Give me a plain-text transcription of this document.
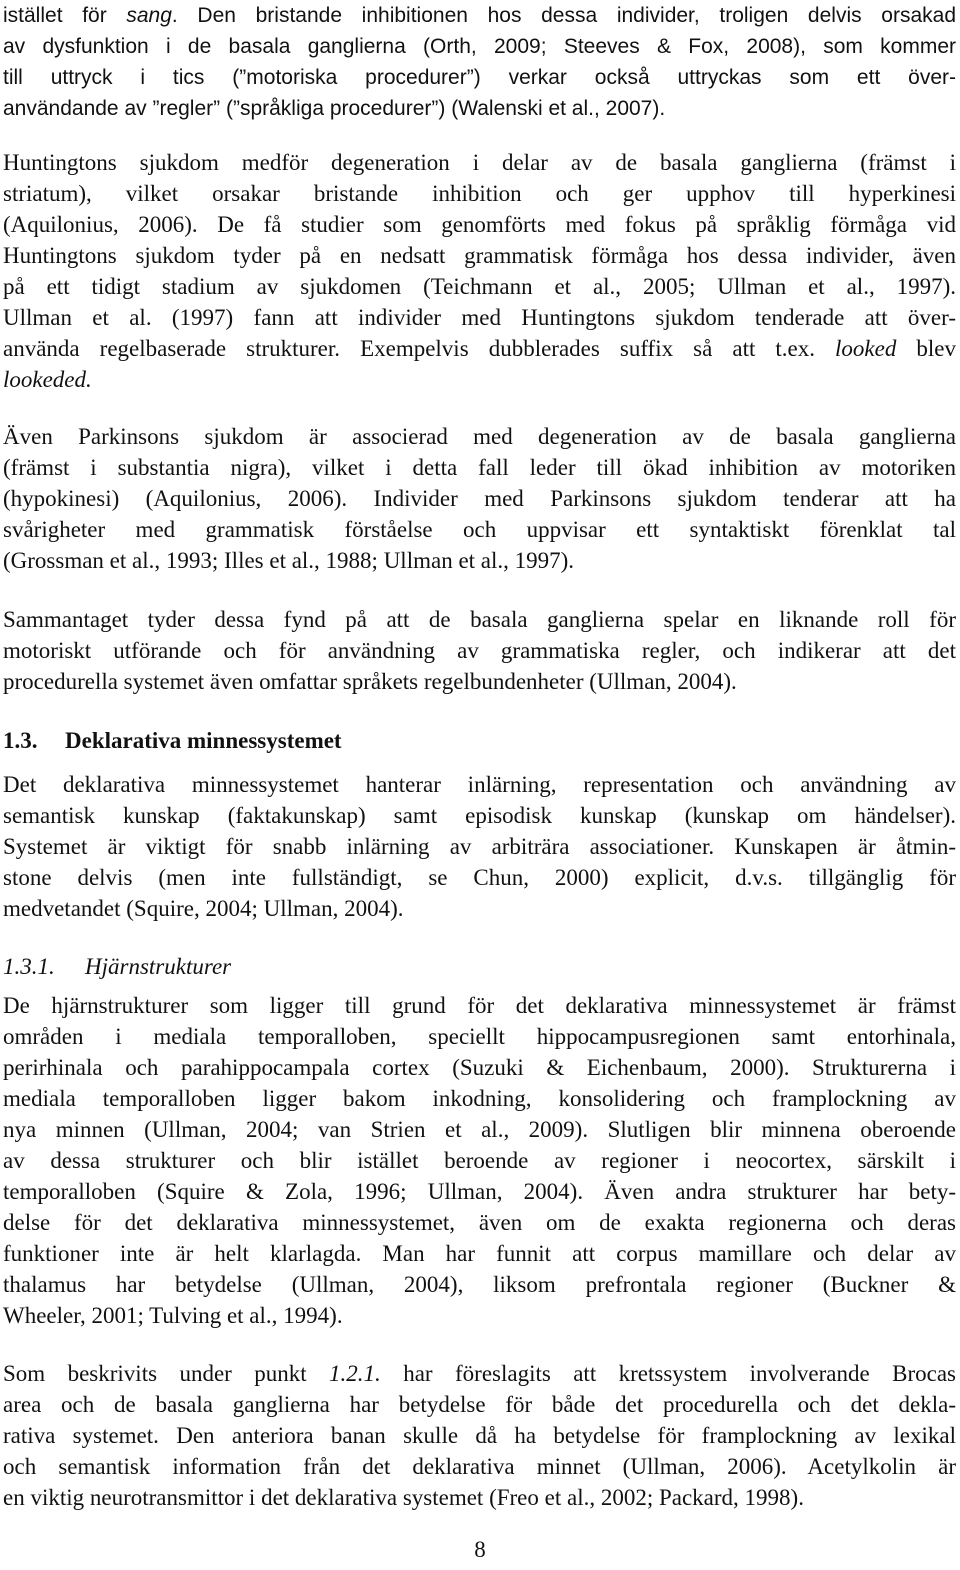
istället för sang. Den bristande inhibitionen hos dessa individer, troligen delvis orsakad
av dysfunktion i de basala ganglierna (Orth, 2009; Steeves & Fox, 2008), som kommer
till uttryck i tics (”motoriska procedurer”) verkar också uttryckas som ett över-
användande av ”regler” (”språkliga procedurer”) (Walenski et al., 2007).
Huntingtons sjukdom medför degeneration i delar av de basala ganglierna (främst i
striatum), vilket orsakar bristande inhibition och ger upphov till hyperkinesi
(Aquilonius, 2006). De få studier som genomförts med fokus på språklig förmåga vid
Huntingtons sjukdom tyder på en nedsatt grammatisk förmåga hos dessa individer, även
på ett tidigt stadium av sjukdomen (Teichmann et al., 2005; Ullman et al., 1997).
Ullman et al. (1997) fann att individer med Huntingtons sjukdom tenderade att över-
använda regelbaserade strukturer. Exempelvis dubblerades suffix så att t.ex. looked blev
lookeded.
Även Parkinsons sjukdom är associerad med degeneration av de basala ganglierna
(främst i substantia nigra), vilket i detta fall leder till ökad inhibition av motoriken
(hypokinesi) (Aquilonius, 2006). Individer med Parkinsons sjukdom tenderar att ha
svårigheter med grammatisk förståelse och uppvisar ett syntaktiskt förenklat tal
(Grossman et al., 1993; Illes et al., 1988; Ullman et al., 1997).
Sammantaget tyder dessa fynd på att de basala ganglierna spelar en liknande roll för
motoriskt utförande och för användning av grammatiska regler, och indikerar att det
procedurella systemet även omfattar språkets regelbundenheter (Ullman, 2004).
1.3. Deklarativa minnessystemet
Det deklarativa minnessystemet hanterar inlärning, representation och användning av
semantisk kunskap (faktakunskap) samt episodisk kunskap (kunskap om händelser).
Systemet är viktigt för snabb inlärning av arbiträra associationer. Kunskapen är åtmin-
stone delvis (men inte fullständigt, se Chun, 2000) explicit, d.v.s. tillgänglig för
medvetandet (Squire, 2004; Ullman, 2004).
1.3.1. Hjärnstrukturer
De hjärnstrukturer som ligger till grund för det deklarativa minnessystemet är främst
områden i mediala temporalloben, speciellt hippocampusregionen samt entorhinala,
perirhinala och parahippocampala cortex (Suzuki & Eichenbaum, 2000). Strukturerna i
mediala temporalloben ligger bakom inkodning, konsolidering och framplockning av
nya minnen (Ullman, 2004; van Strien et al., 2009). Slutligen blir minnena oberoende
av dessa strukturer och blir istället beroende av regioner i neocortex, särskilt i
temporalloben (Squire & Zola, 1996; Ullman, 2004). Även andra strukturer har bety-
delse för det deklarativa minnessystemet, även om de exakta regionerna och deras
funktioner inte är helt klarlagda. Man har funnit att corpus mamillare och delar av
thalamus har betydelse (Ullman, 2004), liksom prefrontala regioner (Buckner &
Wheeler, 2001; Tulving et al., 1994).
Som beskrivits under punkt 1.2.1. har föreslagits att kretssystem involverande Brocas
area och de basala ganglierna har betydelse för både det procedurella och det dekla-
rativa systemet. Den anteriora banan skulle då ha betydelse för framplockning av lexikal
och semantisk information från det deklarativa minnet (Ullman, 2006). Acetylkolin är
en viktig neurotransmittor i det deklarativa systemet (Freo et al., 2002; Packard, 1998).
8
